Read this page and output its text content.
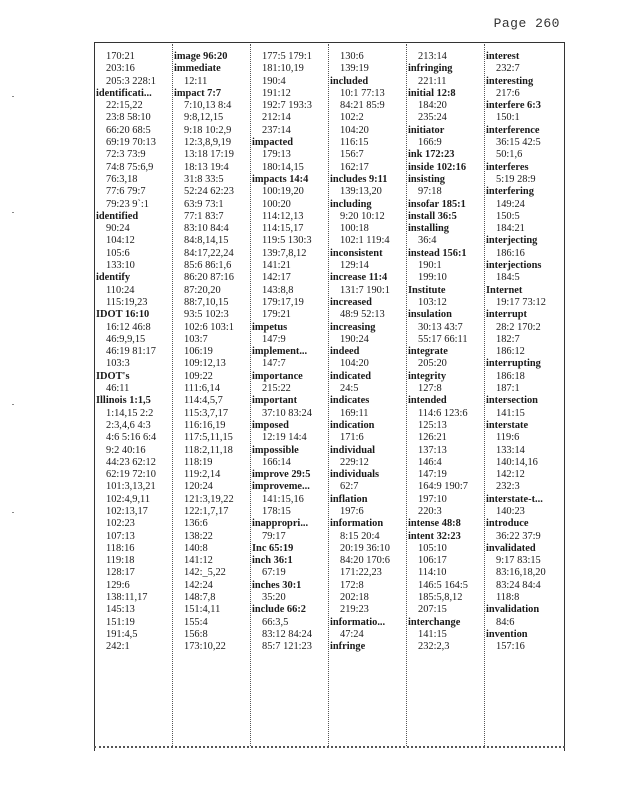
Page 260
170:21
203:16
205:3 228:1
identificati...
22:15,22
23:8 58:10
66:20 68:5
69:19 70:13
72:3 73:9
74:8 75:6,9
76:3,18
77:6 79:7
79:23 9`:1
identified
90:24
104:12
105:6
133:10
identify
110:24
115:19,23
IDOT 16:10
16:12 46:8
46:9,9,15
46:19 81:17
103:3
IDOT's
46:11
Illinois 1:1,5
1:14,15 2:2
2:3,4,6 4:3
4:6 5:16 6:4
9:2 40:16
44:23 62:12
62:19 72:10
101:3,13,21
102:4,9,11
102:13,17
102:23
107:13
118:16
119:18
128:17
129:6
138:11,17
145:13
151:19
191:4,5
242:1
image 96:20
immediate
12:11
impact 7:7
7:10,13 8:4
9:8,12,15
9:18 10:2,9
12:3,8,9,19
13:18 17:19
18:13 19:4
31:8 33:5
52:24 62:23
63:9 73:1
77:1 83:7
83:10 84:4
84:8,14,15
84:17,22,24
85:6 86:1,6
86:20 87:16
87:20,20
88:7,10,15
93:5 102:3
102:6 103:1
103:7
106:19
109:12,13
109:22
111:6,14
114:4,5,7
115:3,7,17
116:16,19
117:5,11,15
118:2,11,18
118:19
119:2,14
120:24
121:3,19,22
122:1,7,17
136:6
138:22
140:8
141:12
142:_5,22
142:24
148:7,8
151:4,11
155:4
156:8
173:10,22
177:5 179:1
181:10,19
190:4
191:12
192:7 193:3
212:14
237:14
impacted
179:13
180:14,15
impacts 14:4
100:19,20
100:20
114:12,13
114:15,17
119:5 130:3
139:7,8,12
141:21
142:17
143:8,8
179:17,19
179:21
impetus
147:9
implement...
147:7
importance
215:22
important
37:10 83:24
imposed
12:19 14:4
impossible
166:14
improve 29:5
improveme...
141:15,16
178:15
inappropri...
79:17
Inc 65:19
inch 36:1
67:19
inches 30:1
35:20
include 66:2
66:3,5
83:12 84:24
85:7 121:23
130:6
139:19
included
10:1 77:13
84:21 85:9
102:2
104:20
116:15
156:7
162:17
includes 9:11
139:13,20
including
9:20 10:12
100:18
102:1 119:4
inconsistent
129:14
increase 11:4
131:7 190:1
increased
48:9 52:13
increasing
190:24
indeed
104:20
indicated
24:5
indicates
169:11
indication
171:6
individual
229:12
individuals
62:7
inflation
197:6
information
8:15 20:4
20:19 36:10
84:20 170:6
171:22,23
172:8
202:18
219:23
informatio...
47:24
infringe
213:14
infringing
221:11
initial 12:8
184:20
235:24
initiator
166:9
ink 172:23
inside 102:16
insisting
97:18
insofar 185:1
install 36:5
installing
36:4
instead 156:1
190:1
199:10
Institute
103:12
insulation
30:13 43:7
55:17 66:11
integrate
205:20
integrity
127:8
intended
114:6 123:6
125:13
126:21
137:13
146:4
147:19
164:9 190:7
197:10
220:3
intense 48:8
intent 32:23
105:10
106:17
114:10
146:5 164:5
185:5,8,12
207:15
interchange
141:15
232:2,3
interest
232:7
interesting
217:6
interfere 6:3
150:1
interference
36:15 42:5
50:1,6
interferes
5:19 28:9
interfering
149:24
150:5
184:21
interjecting
186:16
interjections
184:5
Internet
19:17 73:12
interrupt
28:2 170:2
182:7
186:12
interrupting
186:18
187:1
intersection
141:15
interstate
119:6
133:14
140:14,16
142:12
232:3
interstate-t...
140:23
introduce
36:22 37:9
invalidated
9:17 83:15
83:16,18,20
83:24 84:4
118:8
invalidation
84:6
invention
157:16
